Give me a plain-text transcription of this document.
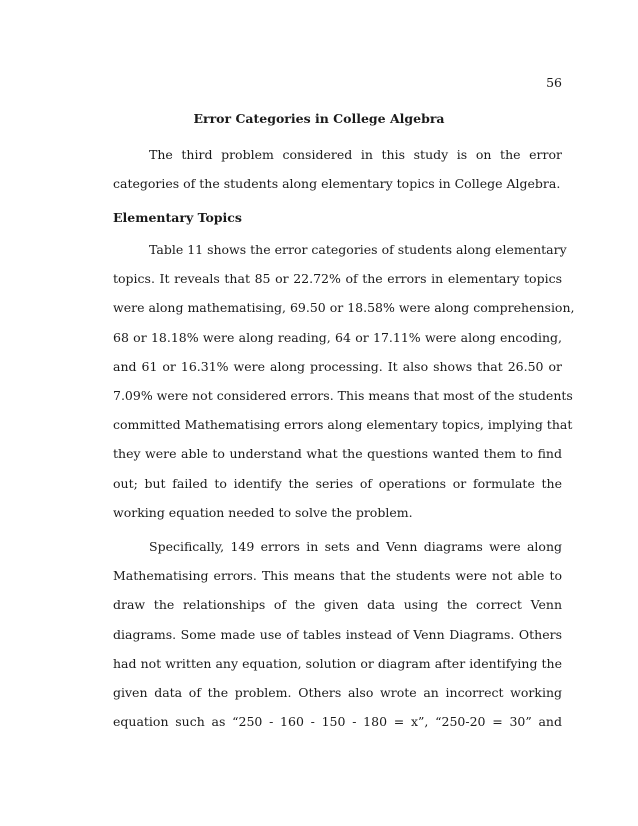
56
Error Categories in College Algebra
The third problem considered in this study is on the error
categories of the students along elementary topics in College Algebra.
Elementary Topics
Table 11 shows the error categories of students along elementary
topics. It reveals that 85 or 22.72% of the errors in elementary topics
were along mathematising, 69.50 or 18.58% were along comprehension,
68 or 18.18% were along reading, 64 or 17.11% were along encoding,
and 61 or 16.31% were along processing. It also shows that 26.50 or
7.09% were not considered errors. This means that most of the students
committed Mathematising errors along elementary topics, implying that
they were able to understand what the questions wanted them to find
out; but failed to identify the series of operations or formulate the
working equation needed to solve the problem.
Specifically, 149 errors in sets and Venn diagrams were along
Mathematising errors. This means that the students were not able to
draw the relationships of the given data using the correct Venn
diagrams. Some made use of tables instead of Venn Diagrams. Others
had not written any equation, solution or diagram after identifying the
given data of the problem. Others also wrote an incorrect working
equation such as “250 - 160 - 150 - 180 = x”, “250-20 = 30” and
